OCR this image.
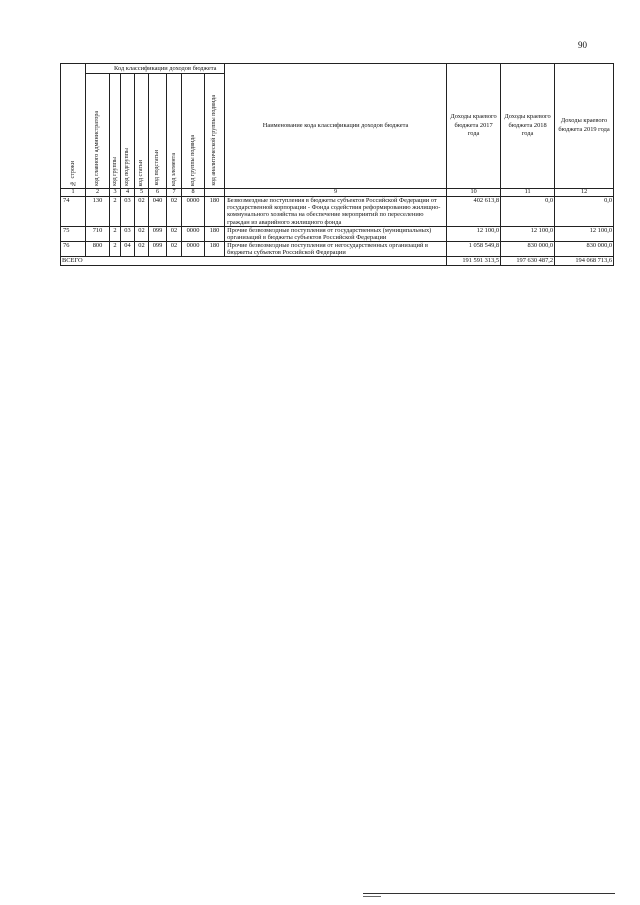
90
№ строки	Код классификации доходов бюджета								Наименование кода классификации доходов бюджета	Доходы краевого бюджета 2017 года	Доходы краевого бюджета 2018 года	Доходы краевого бюджета 2019 года

	код главного администратора	код группы	код подгруппы	код статьи	код подстатьи	код элемента	код группы подвида	код аналитической группы подвида				

1	2	3	4	5	6	7	8		9	10	11	12
74	130	2	03	02	040	02	0000	180	Безвозмездные поступления в бюджеты субъектов Российской Федерации от государственной корпорации - Фонда содействия реформированию жилищно-коммунального хозяйства на обеспечение мероприятий по переселению граждан из аварийного жилищного фонда	402 613,8	0,0	0,0
75	710	2	03	02	099	02	0000	180	Прочие безвозмездные поступления от государственных (муниципальных) организаций в бюджеты субъектов Российской Федерации	12 100,0	12 100,0	12 100,0
76	800	2	04	02	099	02	0000	180	Прочие безвозмездные поступления от негосударственных организаций в бюджеты субъектов Российской Федерации	1 058 549,8	830 000,0	830 000,0
ВСЕГО										191 591 313,5	197 630 487,2	194 068 713,6
